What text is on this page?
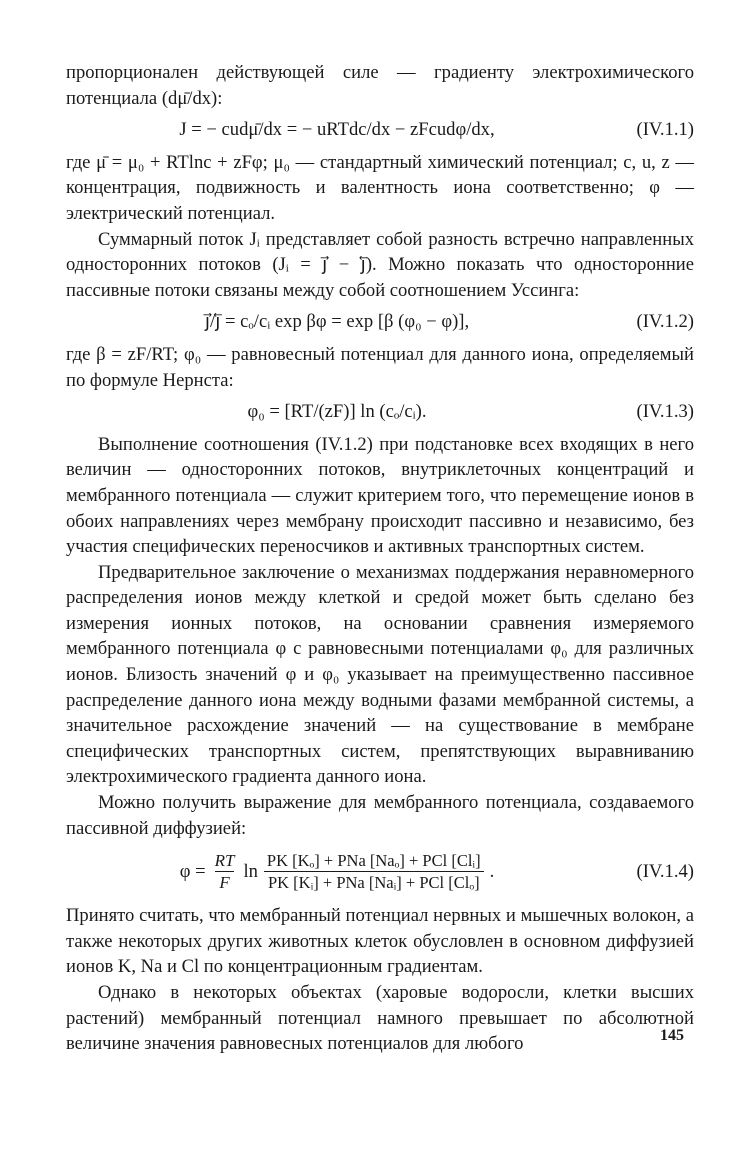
пропорционален действующей силе — градиенту электрохимического потенциала (dμ̄/dx):

J = − cudμ̄/dx = − uRTdc/dx − zFcudφ/dx,	(IV.1.1)

где μ̄ = μ₀ + RTlnc + zFφ; μ₀ — стандартный химический потенциал; c, u, z — концентрация, подвижность и валентность иона соответственно; φ — электрический потенциал.

Суммарный поток Jᵢ представляет собой разность встречно направленных односторонних потоков (Jᵢ = j⃗ − j⃖). Можно показать что односторонние пассивные потоки связаны между собой соотношением Уссинга:

j⃗/j⃖ = cₒ/cᵢ exp βφ = exp [β (φ₀ − φ)],	(IV.1.2)

где β = zF/RT; φ₀ — равновесный потенциал для данного иона, определяемый по формуле Нернста:

φ₀ = [RT/(zF)] ln (cₒ/cᵢ).	(IV.1.3)

Выполнение соотношения (IV.1.2) при подстановке всех входящих в него величин — односторонних потоков, внутриклеточных концентраций и мембранного потенциала — служит критерием того, что перемещение ионов в обоих направлениях через мембрану происходит пассивно и независимо, без участия специфических переносчиков и активных транспортных систем.

Предварительное заключение о механизмах поддержания неравномерного распределения ионов между клеткой и средой может быть сделано без измерения ионных потоков, на основании сравнения измеряемого мембранного потенциала φ с равновесными потенциалами φ₀ для различных ионов. Близость значений φ и φ₀ указывает на преимущественно пассивное распределение данного иона между водными фазами мембранной системы, а значительное расхождение значений — на существование в мембране специфических транспортных систем, препятствующих выравниванию электрохимического градиента данного иона.

Можно получить выражение для мембранного потенциала, создаваемого пассивной диффузией:

$\varphi = \frac{RT}{F}$ $\ln \frac{\text{PK [Kₒ] + PNa [Naₒ] + PCl [Clᵢ]}}{\text{PK [Kᵢ] + PNa [Naᵢ] + PCl [Clₒ]}}$ .	(IV.1.4)

Принято считать, что мембранный потенциал нервных и мышечных волокон, а также некоторых других животных клеток обусловлен в основном диффузией ионов K, Na и Cl по концентрационным градиентам.

Однако в некоторых объектах (харовые водоросли, клетки высших растений) мембранный потенциал намного превышает по абсолютной величине значения равновесных потенциалов для любого	145
